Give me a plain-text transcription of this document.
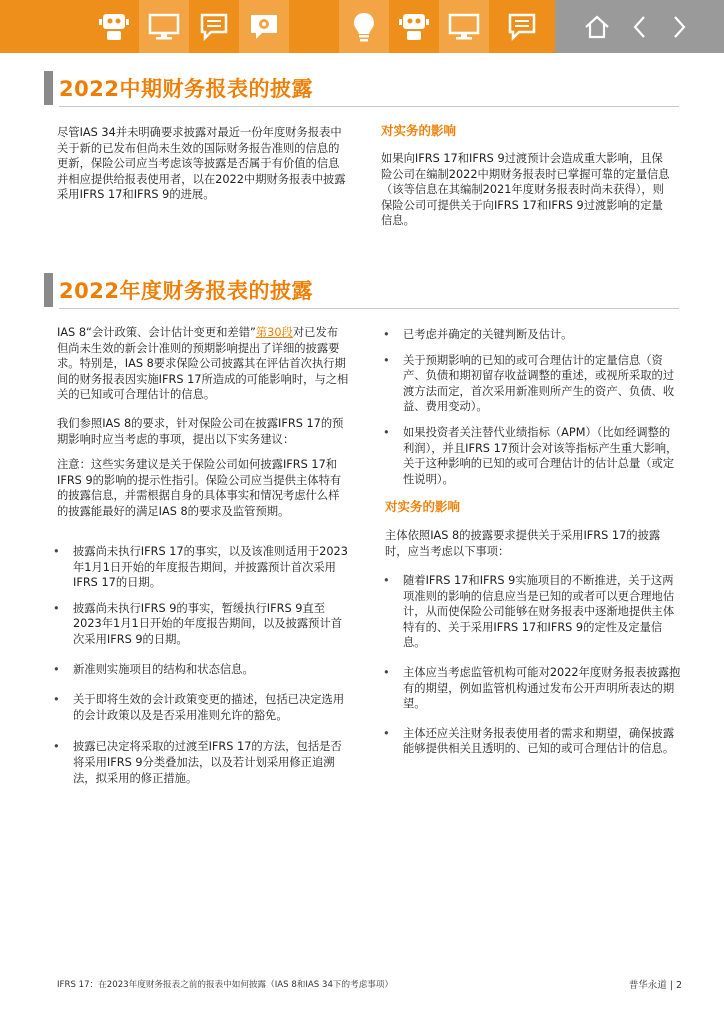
2022中期财务报表的披露
尽管IAS 34并未明确要求披露对最近一份年度财务报表中关于新的已发布但尚未生效的国际财务报告准则的信息的更新，保险公司应当考虑该等披露是否属于有价值的信息并相应提供给报表使用者，以在2022中期财务报表中披露采用IFRS 17和IFRS 9的进展。
对实务的影响
如果向IFRS 17和IFRS 9过渡预计会造成重大影响，且保险公司在编制2022中期财务报表时已掌握可靠的定量信息（该等信息在其编制2021年度财务报表时尚未获得），则保险公司可提供关于向IFRS 17和IFRS 9过渡影响的定量信息。
2022年度财务报表的披露
IAS 8“会计政策、会计估计变更和差错”第30段对已发布但尚未生效的新会计准则的预期影响提出了详细的披露要求。特别是，IAS 8要求保险公司披露其在评估首次执行期间的财务报表因实施IFRS 17所造成的可能影响时，与之相关的已知或可合理估计的信息。
我们参照IAS 8的要求，针对保险公司在披露IFRS 17的预期影响时应当考虑的事项，提出以下实务建议：
注意：这些实务建议是关于保险公司如何披露IFRS 17和IFRS 9的影响的提示性指引。保险公司应当提供主体特有的披露信息，并需根据自身的具体事实和情况考虑什么样的披露能最好的满足IAS 8的要求及监管预期。
• 披露尚未执行IFRS 17的事实，以及该准则适用于2023年1月1日开始的年度报告期间，并披露预计首次采用IFRS 17的日期。
• 披露尚未执行IFRS 9的事实，暂缓执行IFRS 9直至2023年1月1日开始的年度报告期间，以及披露预计首次采用IFRS 9的日期。
• 新准则实施项目的结构和状态信息。
• 关于即将生效的会计政策变更的描述，包括已决定选用的会计政策以及是否采用准则允许的豁免。
• 披露已决定将采取的过渡至IFRS 17的方法，包括是否将采用IFRS 9分类叠加法，以及若计划采用修正追溯法，拟采用的修正措施。
• 已考虑并确定的关键判断及估计。
• 关于预期影响的已知的或可合理估计的定量信息（资产、负债和期初留存收益调整的重述，或视所采取的过渡方法而定，首次采用新准则所产生的资产、负债、收益、费用变动）。
• 如果投资者关注替代业绩指标（APM）（比如经调整的利润），并且IFRS 17预计会对该等指标产生重大影响，关于这种影响的已知的或可合理估计的估计总量（或定性说明）。
对实务的影响
主体依照IAS 8的披露要求提供关于采用IFRS 17的披露时，应当考虑以下事项：
• 随着IFRS 17和IFRS 9实施项目的不断推进，关于这两项准则的影响的信息应当是已知的或者可以更合理地估计，从而使保险公司能够在财务报表中逐渐地提供主体特有的、关于采用IFRS 17和IFRS 9的定性及定量信息。
• 主体应当考虑监管机构可能对2022年度财务报表披露抱有的期望，例如监管机构通过发布公开声明所表达的期望。
• 主体还应关注财务报表使用者的需求和期望，确保披露能够提供相关且透明的、已知的或可合理估计的信息。
IFRS 17：在2023年度财务报表之前的报表中如何披露（IAS 8和IAS 34下的考虑事项）	普华永道 | 2
